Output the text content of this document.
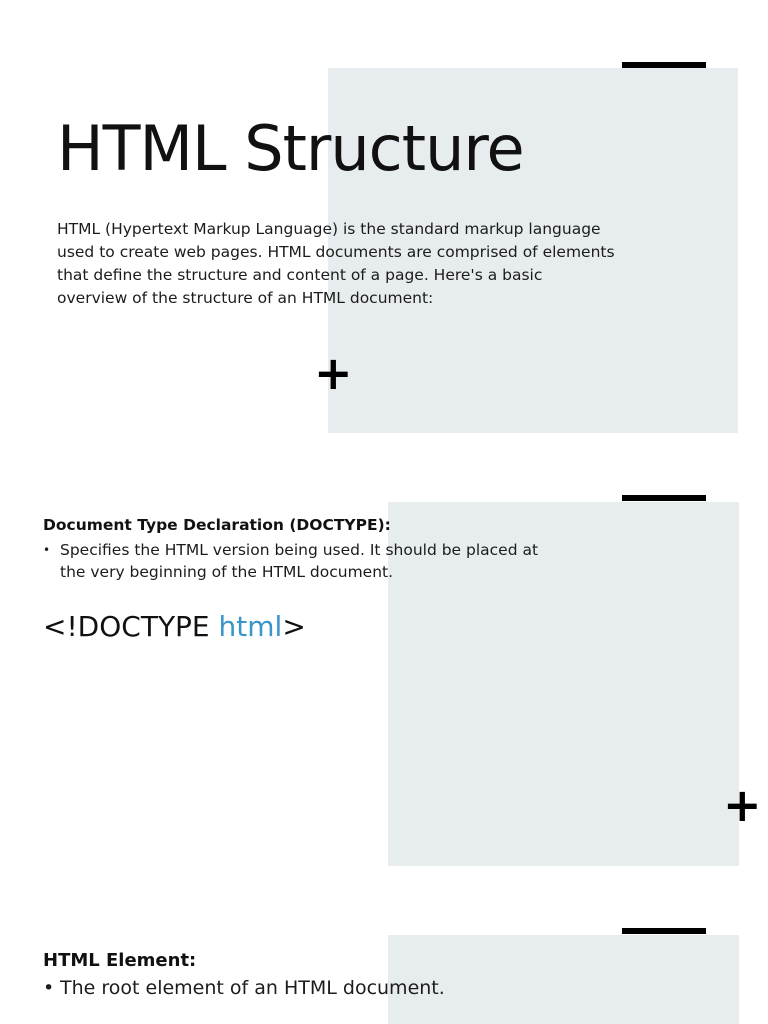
HTML Structure

HTML (Hypertext Markup Language) is the standard markup language used to create web pages. HTML documents are comprised of elements that define the structure and content of a page. Here's a basic overview of the structure of an HTML document:

+
Document Type Declaration (DOCTYPE):
• Specifies the HTML version being used. It should be placed at the very beginning of the HTML document.
<!DOCTYPE html>
+
HTML Element:
• The root element of an HTML document.
